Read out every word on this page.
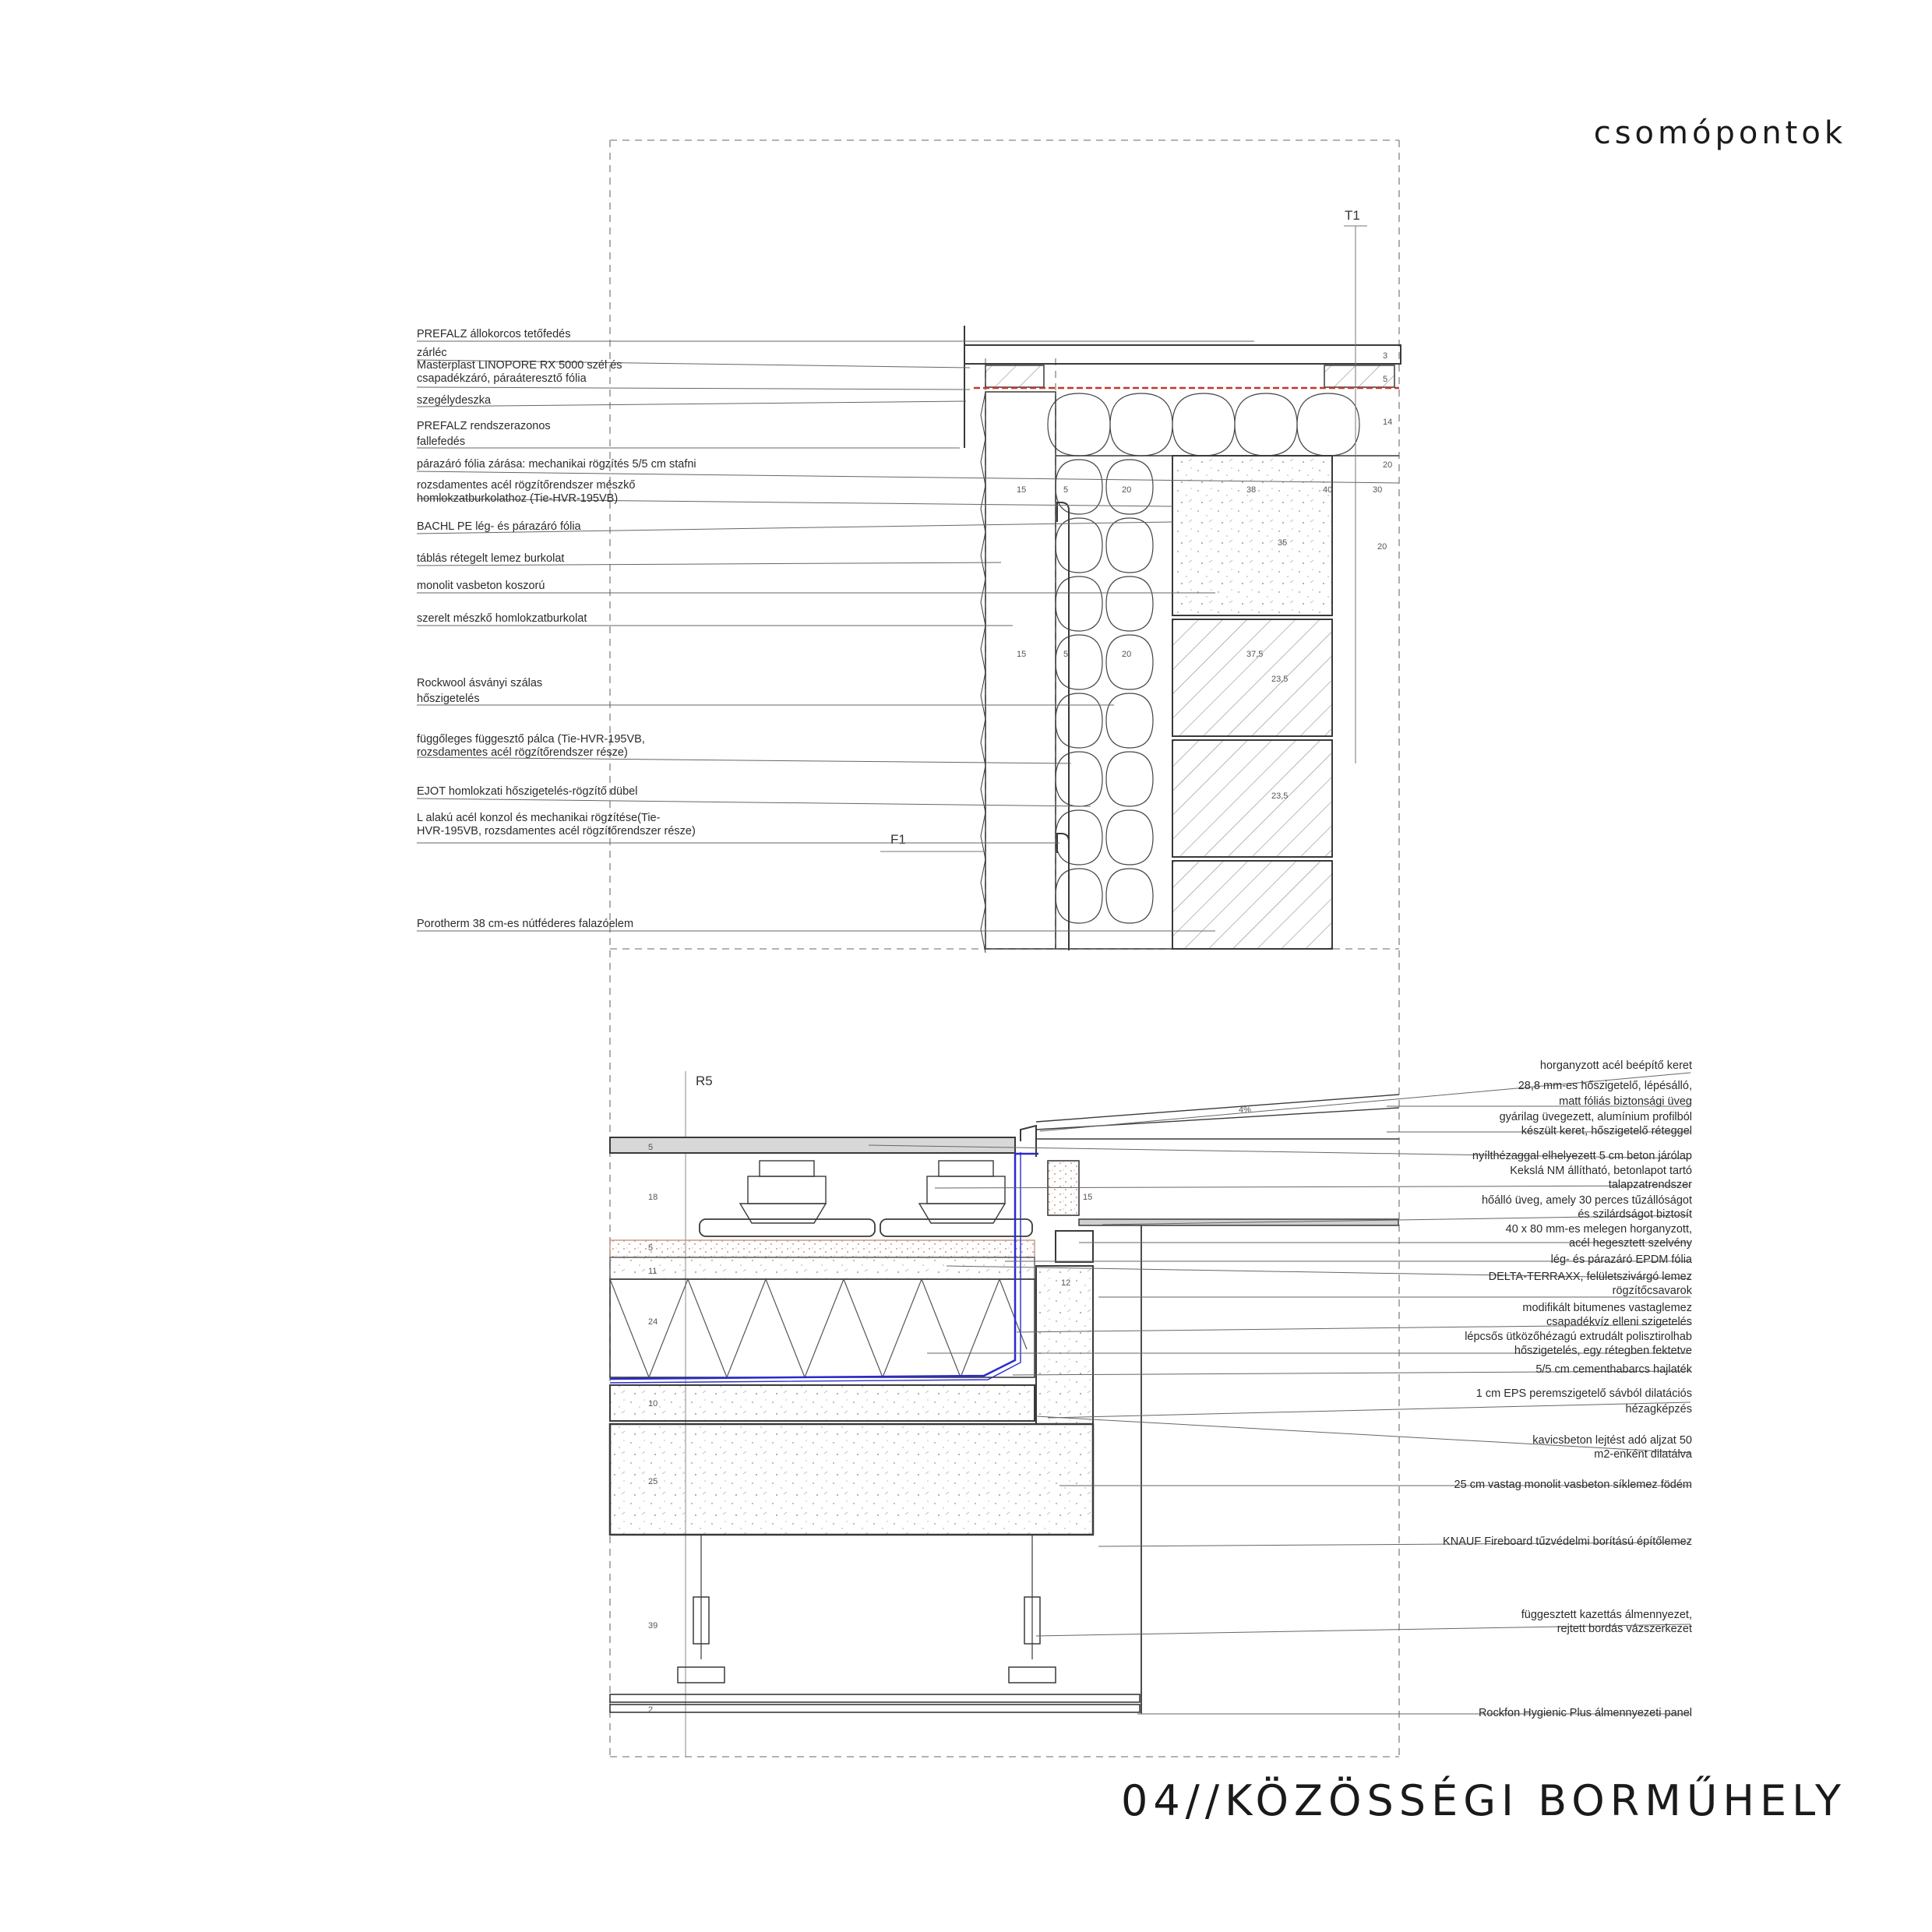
csomópontok
04//KÖZÖSSÉGI BORMŰHELY
15	5	20	38
35
15	5	20	37,5
23,5
23,5
14
5
3
20
40	30
20
T1
F1
R5
PREFALZ állokorcos tetőfedés
zárléc
Masterplast LINOPORE RX 5000 szél és csapadékzáró, páraáteresztő fólia
szegélydeszka
PREFALZ rendszerazonos fallefedés
párazáró fólia zárása: mechanikai rögzítés 5/5 cm stafni
rozsdamentes acél rögzítőrendszer mészkő homlokzatburkolathoz (Tie-HVR-195VB)
BACHL PE lég- és párazáró fólia
táblás rétegelt lemez burkolat
monolit vasbeton koszorú
szerelt mészkő homlokzatburkolat
Rockwool ásványi szálas hőszigetelés
függőleges függesztő pálca (Tie-HVR-195VB, rozsdamentes acél rögzítőrendszer része)
EJOT homlokzati hőszigetelés-rögzítő dübel
L alakú acél konzol és mechanikai rögzítése(Tie-HVR-195VB, rozsdamentes acél rögzítőrendszer része)
Porotherm 38 cm-es nútféderes falazóelem
5
18
5
24
11
10
25
39
2
12
15
4%
horganyzott acél beépítő keret
28,8 mm-es hőszigetelő, lépésálló, matt fóliás biztonsági üveg
gyárilag üvegezett, alumínium profilból készült keret, hőszigetelő réteggel
nyílthézaggal elhelyezett 5 cm beton járólap
Kekslá NM állítható, betonlapot tartó talapzatrendszer
hőálló üveg, amely 30 perces tűzállóságot és szilárdságot biztosít
40 x 80 mm-es melegen horganyzott, acél hegesztett szelvény
lég- és párazáró EPDM fólia
DELTA-TERRAXX, felületszivárgó lemez
rögzítőcsavarok
modifikált bitumenes vastaglemez csapadékvíz elleni szigetelés
lépcsős ütközőhézagú extrudált polisztirolhab hőszigetelés, egy rétegben fektetve
5/5 cm cementhabarcs hajlaték
1 cm EPS peremszigetelő sávból dilatációs hézagképzés
kavicsbeton lejtést adó aljzat 50 m2-enként dilatálva
25 cm vastag monolit vasbeton síklemez födém
KNAUF Fireboard tűzvédelmi borítású építőlemez
függesztett kazettás álmennyezet, rejtett bordás vázszerkezet
Rockfon Hygienic Plus álmennyezeti panel
